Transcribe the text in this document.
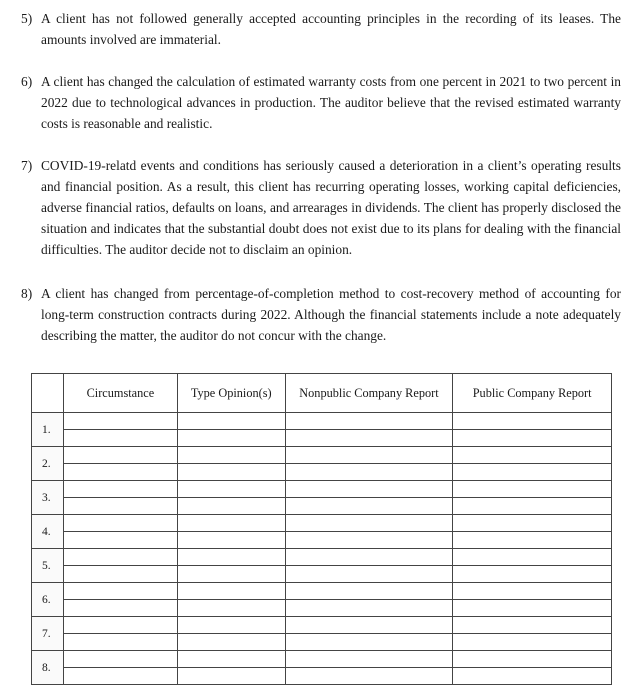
5) A client has not followed generally accepted accounting principles in the recording of its leases. The amounts involved are immaterial.
6) A client has changed the calculation of estimated warranty costs from one percent in 2021 to two percent in 2022 due to technological advances in production. The auditor believe that the revised estimated warranty costs is reasonable and realistic.
7) COVID-19-relatd events and conditions has seriously caused a deterioration in a client’s operating results and financial position. As a result, this client has recurring operating losses, working capital deficiencies, adverse financial ratios, defaults on loans, and arrearages in dividends. The client has properly disclosed the situation and indicates that the substantial doubt does not exist due to its plans for dealing with the financial difficulties. The auditor decide not to disclaim an opinion.
8) A client has changed from percentage-of-completion method to cost-recovery method of accounting for long-term construction contracts during 2022. Although the financial statements include a note adequately describing the matter, the auditor do not concur with the change.
	Circumstance	Type Opinion(s)	Nonpublic Company Report	Public Company Report
1.				

2.				

3.				

4.				

5.				

6.				

7.				

8.				
